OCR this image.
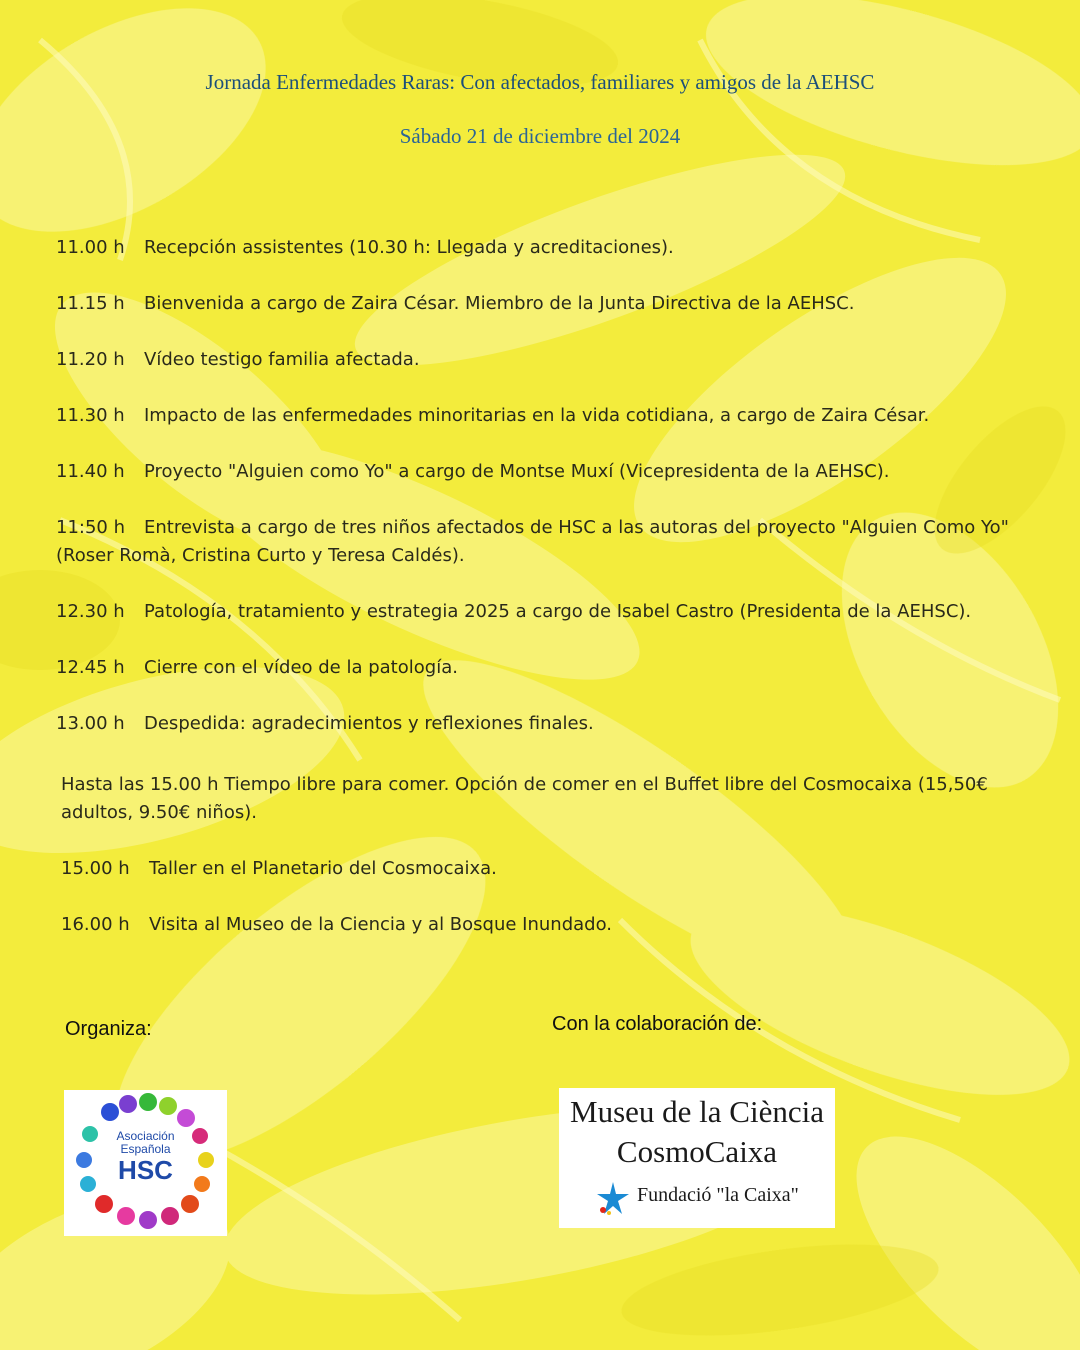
Jornada Enfermedades Raras: Con afectados, familiares y amigos de la AEHSC
Sábado 21 de diciembre del 2024
11.00 h Recepción assistentes (10.30 h: Llegada y acreditaciones).
11.15 h Bienvenida a cargo de Zaira César. Miembro de la Junta Directiva de la AEHSC.
11.20 h Vídeo testigo familia afectada.
11.30 h Impacto de las enfermedades minoritarias en la vida cotidiana, a cargo de Zaira César.
11.40 h Proyecto "Alguien como Yo" a cargo de Montse Muxí (Vicepresidenta de la AEHSC).
11:50 h Entrevista a cargo de tres niños afectados de HSC a las autoras del proyecto "Alguien Como Yo" (Roser Romà, Cristina Curto y Teresa Caldés).
12.30 h Patología, tratamiento y estrategia 2025 a cargo de Isabel Castro (Presidenta de la AEHSC).
12.45 h Cierre con el vídeo de la patología.
13.00 h Despedida: agradecimientos y reflexiones finales.
Hasta las 15.00 h Tiempo libre para comer. Opción de comer en el Buffet libre del Cosmocaixa (15,50€ adultos, 9.50€ niños).
15.00 h Taller en el Planetario del Cosmocaixa.
16.00 h Visita al Museo de la Ciencia y al Bosque Inundado.
Organiza:	Con la colaboración de:
Asociación
Española
HSC
Museu de la Ciència
CosmoCaixa
Fundació "la Caixa"
